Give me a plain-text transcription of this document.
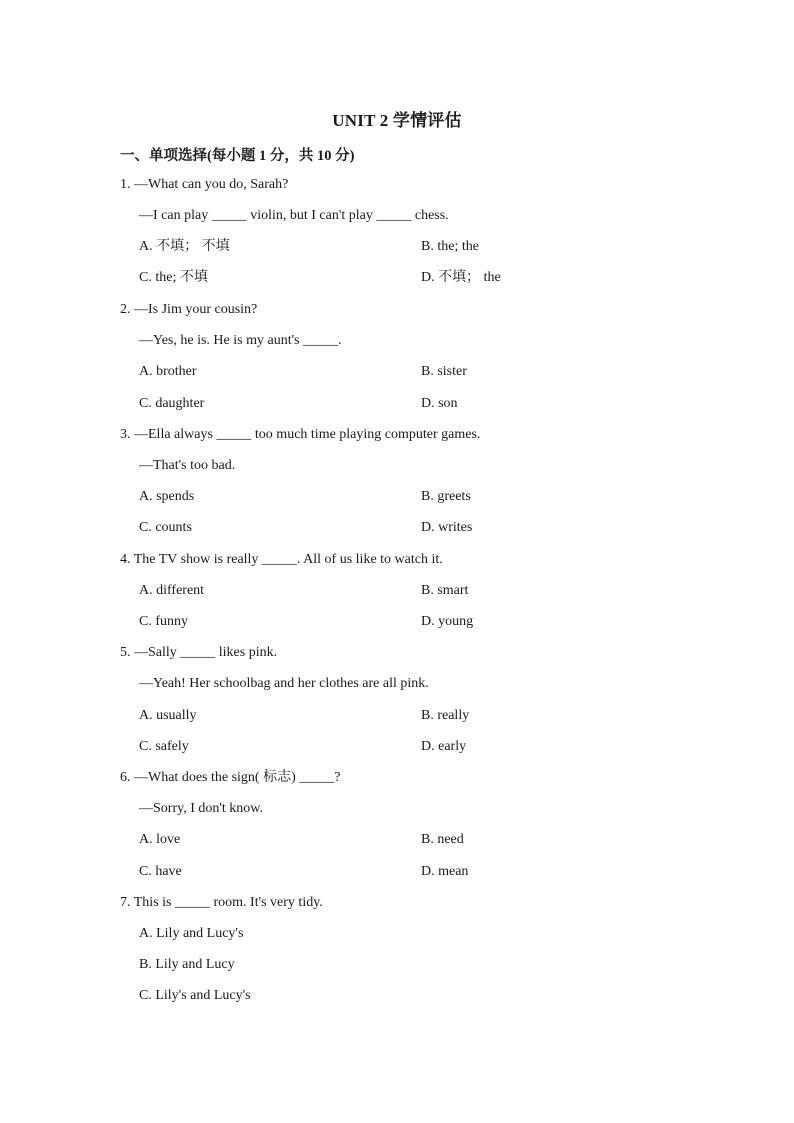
UNIT 2 学情评估
一、单项选择(每小题 1 分，共 10 分)
1. —What can you do, Sarah?
—I can play _____ violin, but I can't play _____ chess.
A. 不填； 不填	B. the; the
C. the; 不填	D. 不填； the
2. —Is Jim your cousin?
—Yes, he is. He is my aunt's _____.
A. brother	B. sister
C. daughter	D. son
3. —Ella always _____ too much time playing computer games.
—That's too bad.
A. spends	B. greets
C. counts	D. writes
4. The TV show is really _____. All of us like to watch it.
A. different	B. smart
C. funny	D. young
5. —Sally _____ likes pink.
—Yeah! Her schoolbag and her clothes are all pink.
A. usually	B. really
C. safely	D. early
6. —What does the sign( 标志) _____?
—Sorry, I don't know.
A. love	B. need
C. have	D. mean
7. This is _____ room. It's very tidy.
A. Lily and Lucy's
B. Lily and Lucy
C. Lily's and Lucy's
